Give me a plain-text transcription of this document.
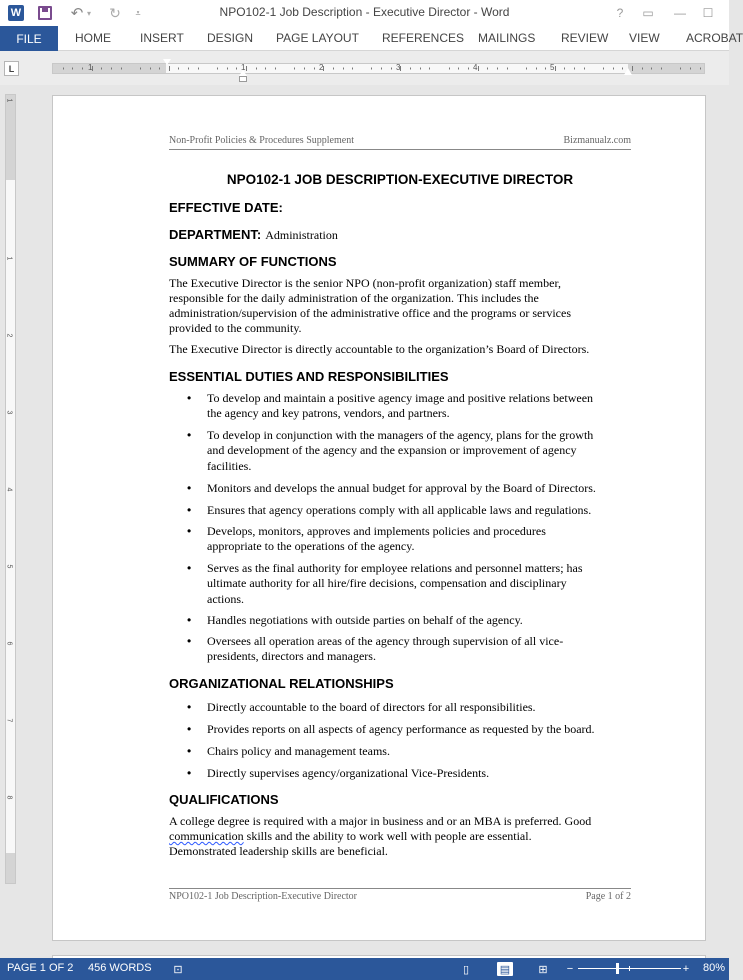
W	↶ ▾ ↻	⩡	NPO102-1 Job Description - Executive Director - Word	?	▭	—	☐
FILE	HOME INSERT DESIGN PAGE LAYOUT REFERENCES MAILINGS REVIEW VIEW ACROBAT
L	1	1	2	3	4	5
1
1
2
3
4
5
6
7
8
Non-Profit Policies & Procedures Supplement	Bizmanualz.com
NPO102-1 JOB DESCRIPTION-EXECUTIVE DIRECTOR
EFFECTIVE DATE:
DEPARTMENT: Administration
SUMMARY OF FUNCTIONS
The Executive Director is the senior NPO (non-profit organization) staff member,
responsible for the daily administration of the organization. This includes the
administration/supervision of the administrative office and the programs or services
provided to the community.
The Executive Director is directly accountable to the organization’s Board of Directors.
ESSENTIAL DUTIES AND RESPONSIBILITIES
• To develop and maintain a positive agency image and positive relations between
the agency and key patrons, vendors, and partners.
• To develop in conjunction with the managers of the agency, plans for the growth
and development of the agency and the expansion or improvement of agency
facilities.
• Monitors and develops the annual budget for approval by the Board of Directors.
• Ensures that agency operations comply with all applicable laws and regulations.
• Develops, monitors, approves and implements policies and procedures
appropriate to the operations of the agency.
• Serves as the final authority for employee relations and personnel matters; has
ultimate authority for all hire/fire decisions, compensation and disciplinary
actions.
• Handles negotiations with outside parties on behalf of the agency.
• Oversees all operation areas of the agency through supervision of all vice-
presidents, directors and managers.
ORGANIZATIONAL RELATIONSHIPS
• Directly accountable to the board of directors for all responsibilities.
• Provides reports on all aspects of agency performance as requested by the board.
• Chairs policy and management teams.
• Directly supervises agency/organizational Vice-Presidents.
QUALIFICATIONS
A college degree is required with a major in business and or an MBA is preferred. Good
communication skills and the ability to work well with people are essential.
Demonstrated leadership skills are beneficial.
NPO102-1 Job Description-Executive Director	Page 1 of 2
PAGE 1 OF 2 456 WORDS	⊡	▯	▤	⊞	−	+	80%
